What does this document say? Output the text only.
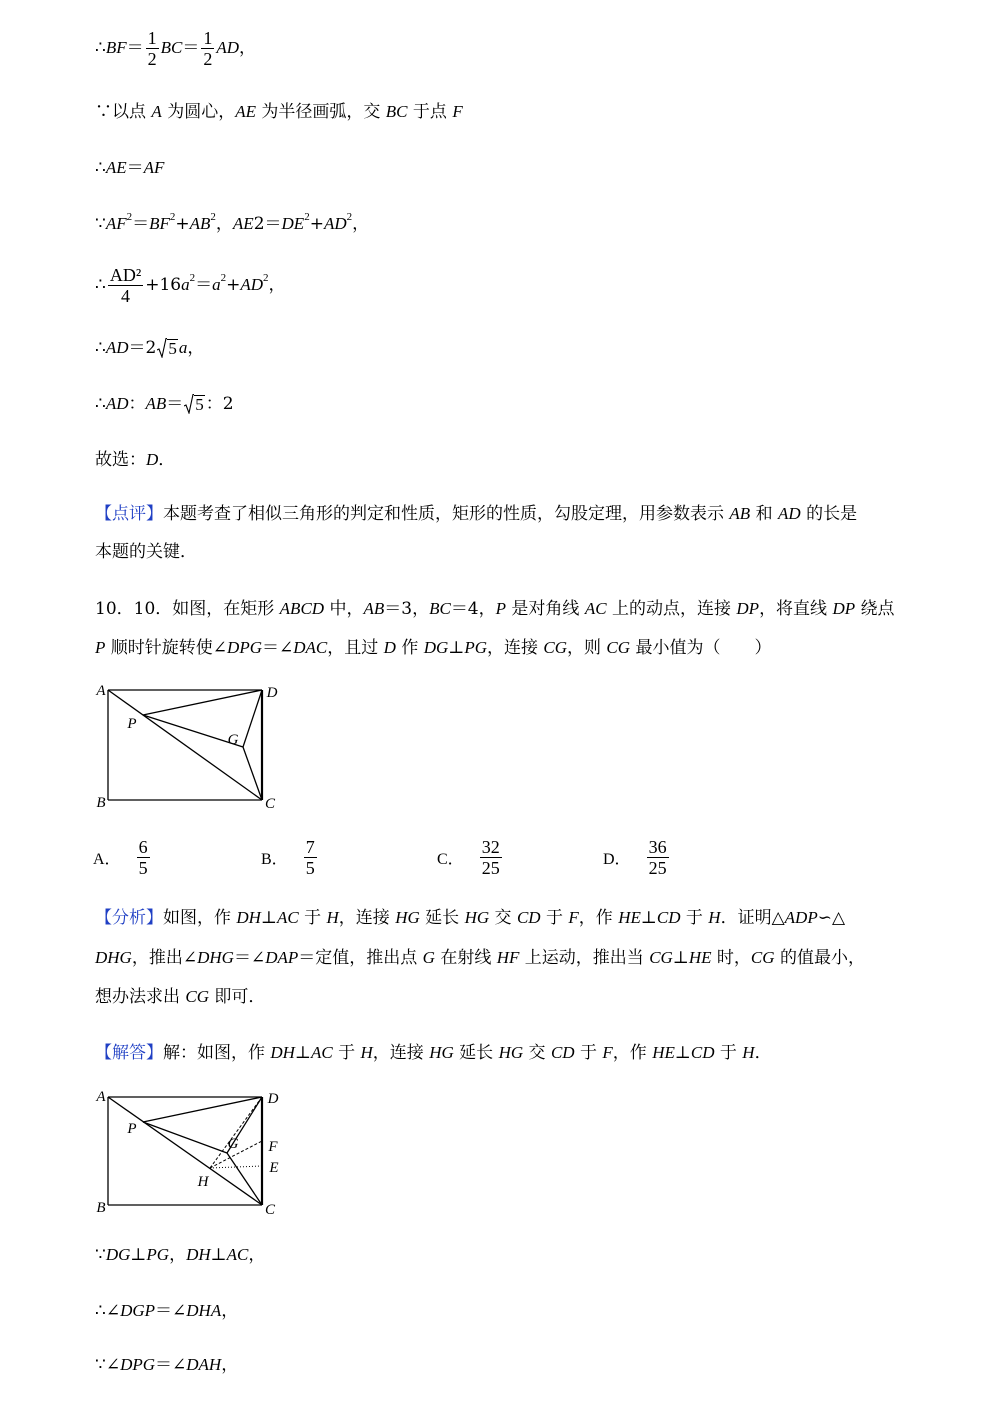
∴ BF ＝ $\frac{1}{2}$ BC ＝ $\frac{1}{2}$ AD ，
∵以点 A 为圆心， AE 为半径画弧，交 BC 于点 F
∴ AE ＝ AF
∵ AF 2 ＝ BF 2 + AB 2 ， AE 2＝ DE 2 + AD 2 ，
∴ $\frac{\text{AD²}}{4} +16$ a 2 ＝ a 2 + AD 2 ，
∴ AD ＝2 5 a ，
∴ AD ： AB ＝ 5 ：2
故选： D ．
【点评】 本题考查了相似三角形的判定和性质，矩形的性质，勾股定理，用参数表示 AB 和 AD 的长是
本题的关键．
10．10．如图，在矩形 ABCD 中， AB ＝3， BC ＝4， P 是对角线 AC 上的动点，连接 DP ，将直线 DP 绕点
P 顺时针旋转使∠ DPG ＝∠ DAC ，且过 D 作 DG ⊥ PG ，连接 CG ，则 CG 最小值为（　　）
A	D
P
G
B	C
A． $\frac{6}{5}$	B． $\frac{7}{5}$	C． $\frac{32}{25}$	D． $\frac{36}{25}$
【分析】 如图，作 DH ⊥ AC 于 H ，连接 HG 延长 HG 交 CD 于 F ，作 HE ⊥ CD 于 H ．证明△ ADP ∽△
DHG ，推出∠ DHG ＝∠ DAP ＝定值，推出点 G 在射线 HF 上运动，推出当 CG ⊥ HE 时， CG 的值最小，
想办法求出 CG 即可．
【解答】 解：如图，作 DH ⊥ AC 于 H ，连接 HG 延长 HG 交 CD 于 F ，作 HE ⊥ CD 于 H ．
A	D
P
G F
E
H
B	C
∵ DG ⊥ PG ， DH ⊥ AC ，
∴∠ DGP ＝∠ DHA ，
∵∠ DPG ＝∠ DAH ，
